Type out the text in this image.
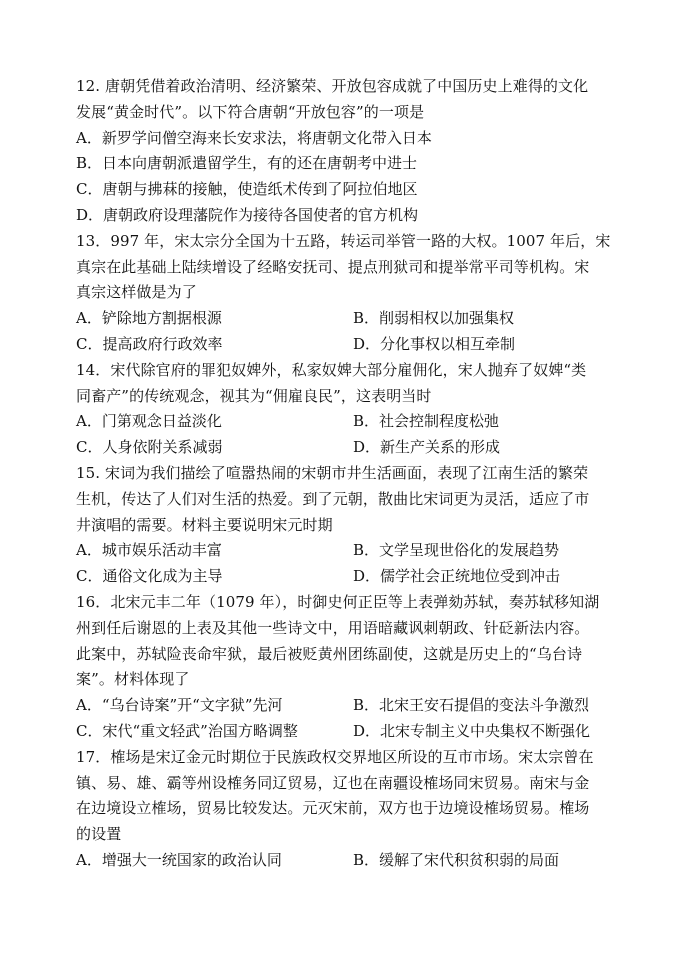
12. 唐朝凭借着政治清明、经济繁荣、开放包容成就了中国历史上难得的文化
发展“黄金时代”。以下符合唐朝“开放包容”的一项是
A．新罗学问僧空海来长安求法，将唐朝文化带入日本
B．日本向唐朝派遣留学生，有的还在唐朝考中进士
C．唐朝与拂菻的接触，使造纸术传到了阿拉伯地区
D．唐朝政府设理藩院作为接待各国使者的官方机构
13．997 年，宋太宗分全国为十五路，转运司举管一路的大权。1007 年后，宋
真宗在此基础上陆续增设了经略安抚司、提点刑狱司和提举常平司等机构。宋
真宗这样做是为了
A．铲除地方割据根源	B．削弱相权以加强集权
C．提高政府行政效率	D．分化事权以相互牵制
14．宋代除官府的罪犯奴婢外，私家奴婢大部分雇佣化，宋人抛弃了奴婢“类
同畜产”的传统观念，视其为“佣雇良民”，这表明当时
A．门第观念日益淡化	B．社会控制程度松弛
C．人身依附关系减弱	D．新生产关系的形成
15. 宋词为我们描绘了喧嚣热闹的宋朝市井生活画面，表现了江南生活的繁荣
生机，传达了人们对生活的热爱。到了元朝，散曲比宋词更为灵活，适应了市
井演唱的需要。材料主要说明宋元时期
A．城市娱乐活动丰富	B．文学呈现世俗化的发展趋势
C．通俗文化成为主导	D．儒学社会正统地位受到冲击
16．北宋元丰二年（1079 年），时御史何正臣等上表弹劾苏轼，奏苏轼移知湖
州到任后谢恩的上表及其他一些诗文中，用语暗藏讽刺朝政、针砭新法内容。
此案中，苏轼险丧命牢狱，最后被贬黄州团练副使，这就是历史上的“乌台诗
案”。材料体现了
A．“乌台诗案”开“文字狱”先河	B．北宋王安石提倡的变法斗争激烈
C．宋代“重文轻武”治国方略调整	D．北宋专制主义中央集权不断强化
17．榷场是宋辽金元时期位于民族政权交界地区所设的互市市场。宋太宗曾在
镇、易、雄、霸等州设榷务同辽贸易，辽也在南疆设榷场同宋贸易。南宋与金
在边境设立榷场，贸易比较发达。元灭宋前，双方也于边境设榷场贸易。榷场
的设置
A．增强大一统国家的政治认同	B．缓解了宋代积贫积弱的局面
